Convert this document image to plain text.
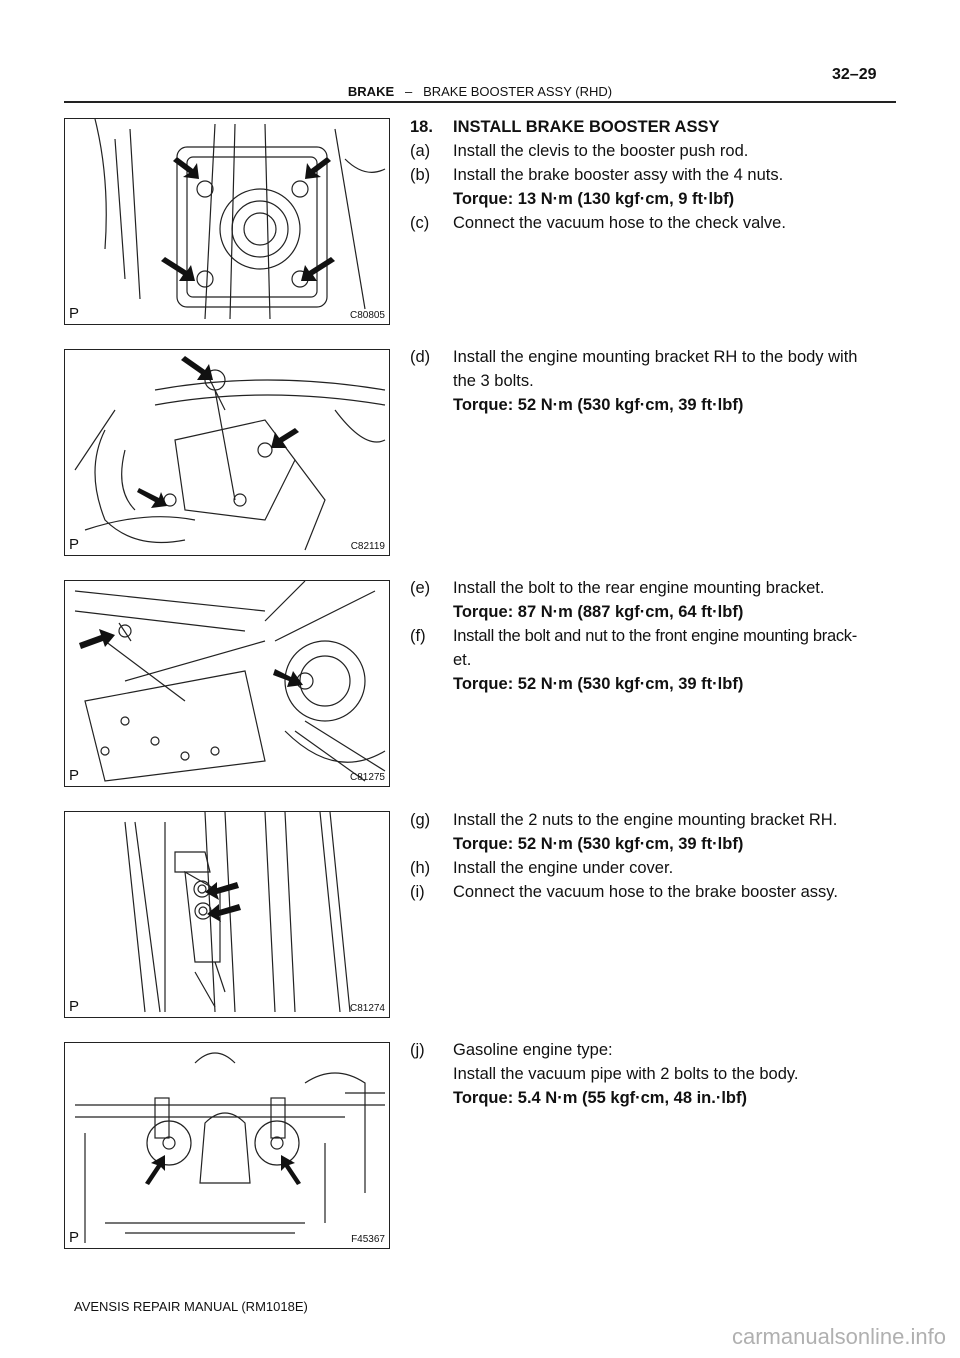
32–29
BRAKE – BRAKE BOOSTER ASSY (RHD)
P	C80805
P	C82119
P	C81275
P	C81274
P	F45367
18. INSTALL BRAKE BOOSTER ASSY
(a) Install the clevis to the booster push rod.
(b) Install the brake booster assy with the 4 nuts.
Torque: 13 N·m (130 kgf·cm, 9 ft·lbf)
(c) Connect the vacuum hose to the check valve.
(d) Install the engine mounting bracket RH to the body with
the 3 bolts.
Torque: 52 N·m (530 kgf·cm, 39 ft·lbf)
(e) Install the bolt to the rear engine mounting bracket.
Torque: 87 N·m (887 kgf·cm, 64 ft·lbf)
(f) Install the bolt and nut to the front engine mounting brack-
et.
Torque: 52 N·m (530 kgf·cm, 39 ft·lbf)
(g) Install the 2 nuts to the engine mounting bracket RH.
Torque: 52 N·m (530 kgf·cm, 39 ft·lbf)
(h) Install the engine under cover.
(i) Connect the vacuum hose to the brake booster assy.
(j) Gasoline engine type:
Install the vacuum pipe with 2 bolts to the body.
Torque: 5.4 N·m (55 kgf·cm, 48 in.·lbf)
AVENSIS REPAIR MANUAL (RM1018E)
carmanualsonline.info
